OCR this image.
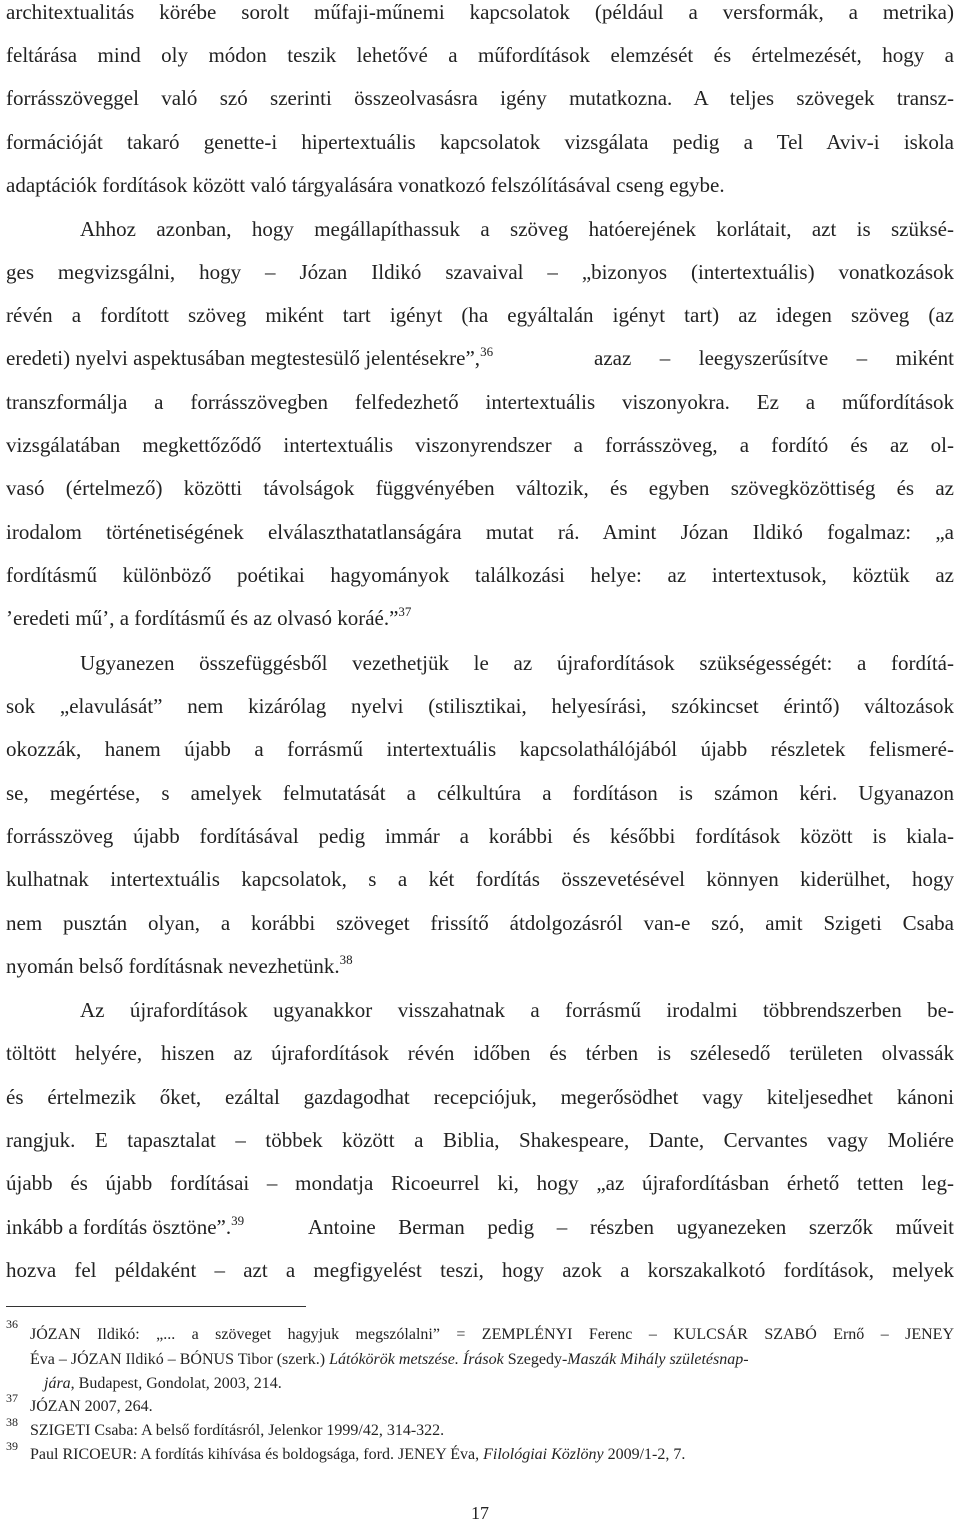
architextualitás körébe sorolt műfaji-műnemi kapcsolatok (például a versformák, a metrika)
feltárása mind oly módon teszik lehetővé a műfordítások elemzését és értelmezését, hogy a
forrásszöveggel való szó szerinti összeolvasásra igény mutatkozna. A teljes szövegek transz-
formációját takaró genette-i hipertextuális kapcsolatok vizsgálata pedig a Tel Aviv-i iskola
adaptációk fordítások között való tárgyalására vonatkozó felszólításával cseng egybe.
Ahhoz azonban, hogy megállapíthassuk a szöveg hatóerejének korlátait, azt is szüksé-
ges megvizsgálni, hogy – Józan Ildikó szavaival – „bizonyos (intertextuális) vonatkozások
révén a fordított szöveg miként tart igényt (ha egyáltalán igényt tart) az idegen szöveg (az
eredeti) nyelvi aspektusában megtestesülő jelentésekre”,$^{36}$	azaz – leegyszerűsítve – miként
transzformálja a forrásszövegben felfedezhető intertextuális viszonyokra. Ez a műfordítások
vizsgálatában megkettőződő intertextuális viszonyrendszer a forrásszöveg, a fordító és az ol-
vasó (értelmező) közötti távolságok függvényében változik, és egyben szövegközöttiség és az
irodalom történetiségének elválaszthatatlanságára mutat rá. Amint Józan Ildikó fogalmaz: „a
fordításmű különböző poétikai hagyományok találkozási helye: az intertextusok, köztük az
’eredeti mű’, a fordításmű és az olvasó koráé.”$^{37}$
Ugyanezen összefüggésből vezethetjük le az újrafordítások szükségességét: a fordítá-
sok „elavulását” nem kizárólag nyelvi (stilisztikai, helyesírási, szókincset érintő) változások
okozzák, hanem újabb a forrásmű intertextuális kapcsolathálójából újabb részletek felismeré-
se, megértése, s amelyek felmutatását a célkultúra a fordításon is számon kéri. Ugyanazon
forrásszöveg újabb fordításával pedig immár a korábbi és későbbi fordítások között is kiala-
kulhatnak intertextuális kapcsolatok, s a két fordítás összevetésével könnyen kiderülhet, hogy
nem pusztán olyan, a korábbi szöveget frissítő átdolgozásról van-e szó, amit Szigeti Csaba
nyomán belső fordításnak nevezhetünk.$^{38}$
Az újrafordítások ugyanakkor visszahatnak a forrásmű irodalmi többrendszerben be-
töltött helyére, hiszen az újrafordítások révén időben és térben is szélesedő területen olvassák
és értelmezik őket, ezáltal gazdagodhat recepciójuk, megerősödhet vagy kiteljesedhet kánoni
rangjuk. E tapasztalat – többek között a Biblia, Shakespeare, Dante, Cervantes vagy Moliére
újabb és újabb fordításai – mondatja Ricoeurrel ki, hogy „az újrafordításban érhető tetten leg-
inkább a fordítás ösztöne”.$^{39}$	Antoine Berman pedig – részben ugyanezeken szerzők műveit
hozva fel példaként – azt a megfigyelést teszi, hogy azok a korszakalkotó fordítások, melyek
36
JÓZAN Ildikó: „... a szöveget hagyjuk megszólalni” = ZEMPLÉNYI Ferenc – KULCSÁR SZABÓ Ernő – JENEY
Éva – JÓZAN Ildikó – BÓNUS Tibor (szerk.) Látókörök metszése. Írások Szegedy-Maszák Mihály születésnap-
jára, Budapest, Gondolat, 2003, 214.
37 JÓZAN 2007, 264.
38 SZIGETI Csaba: A belső fordításról, Jelenkor 1999/42, 314-322.
39 Paul RICOEUR: A fordítás kihívása és boldogsága, ford. JENEY Éva, Filológiai Közlöny 2009/1-2, 7.
17
